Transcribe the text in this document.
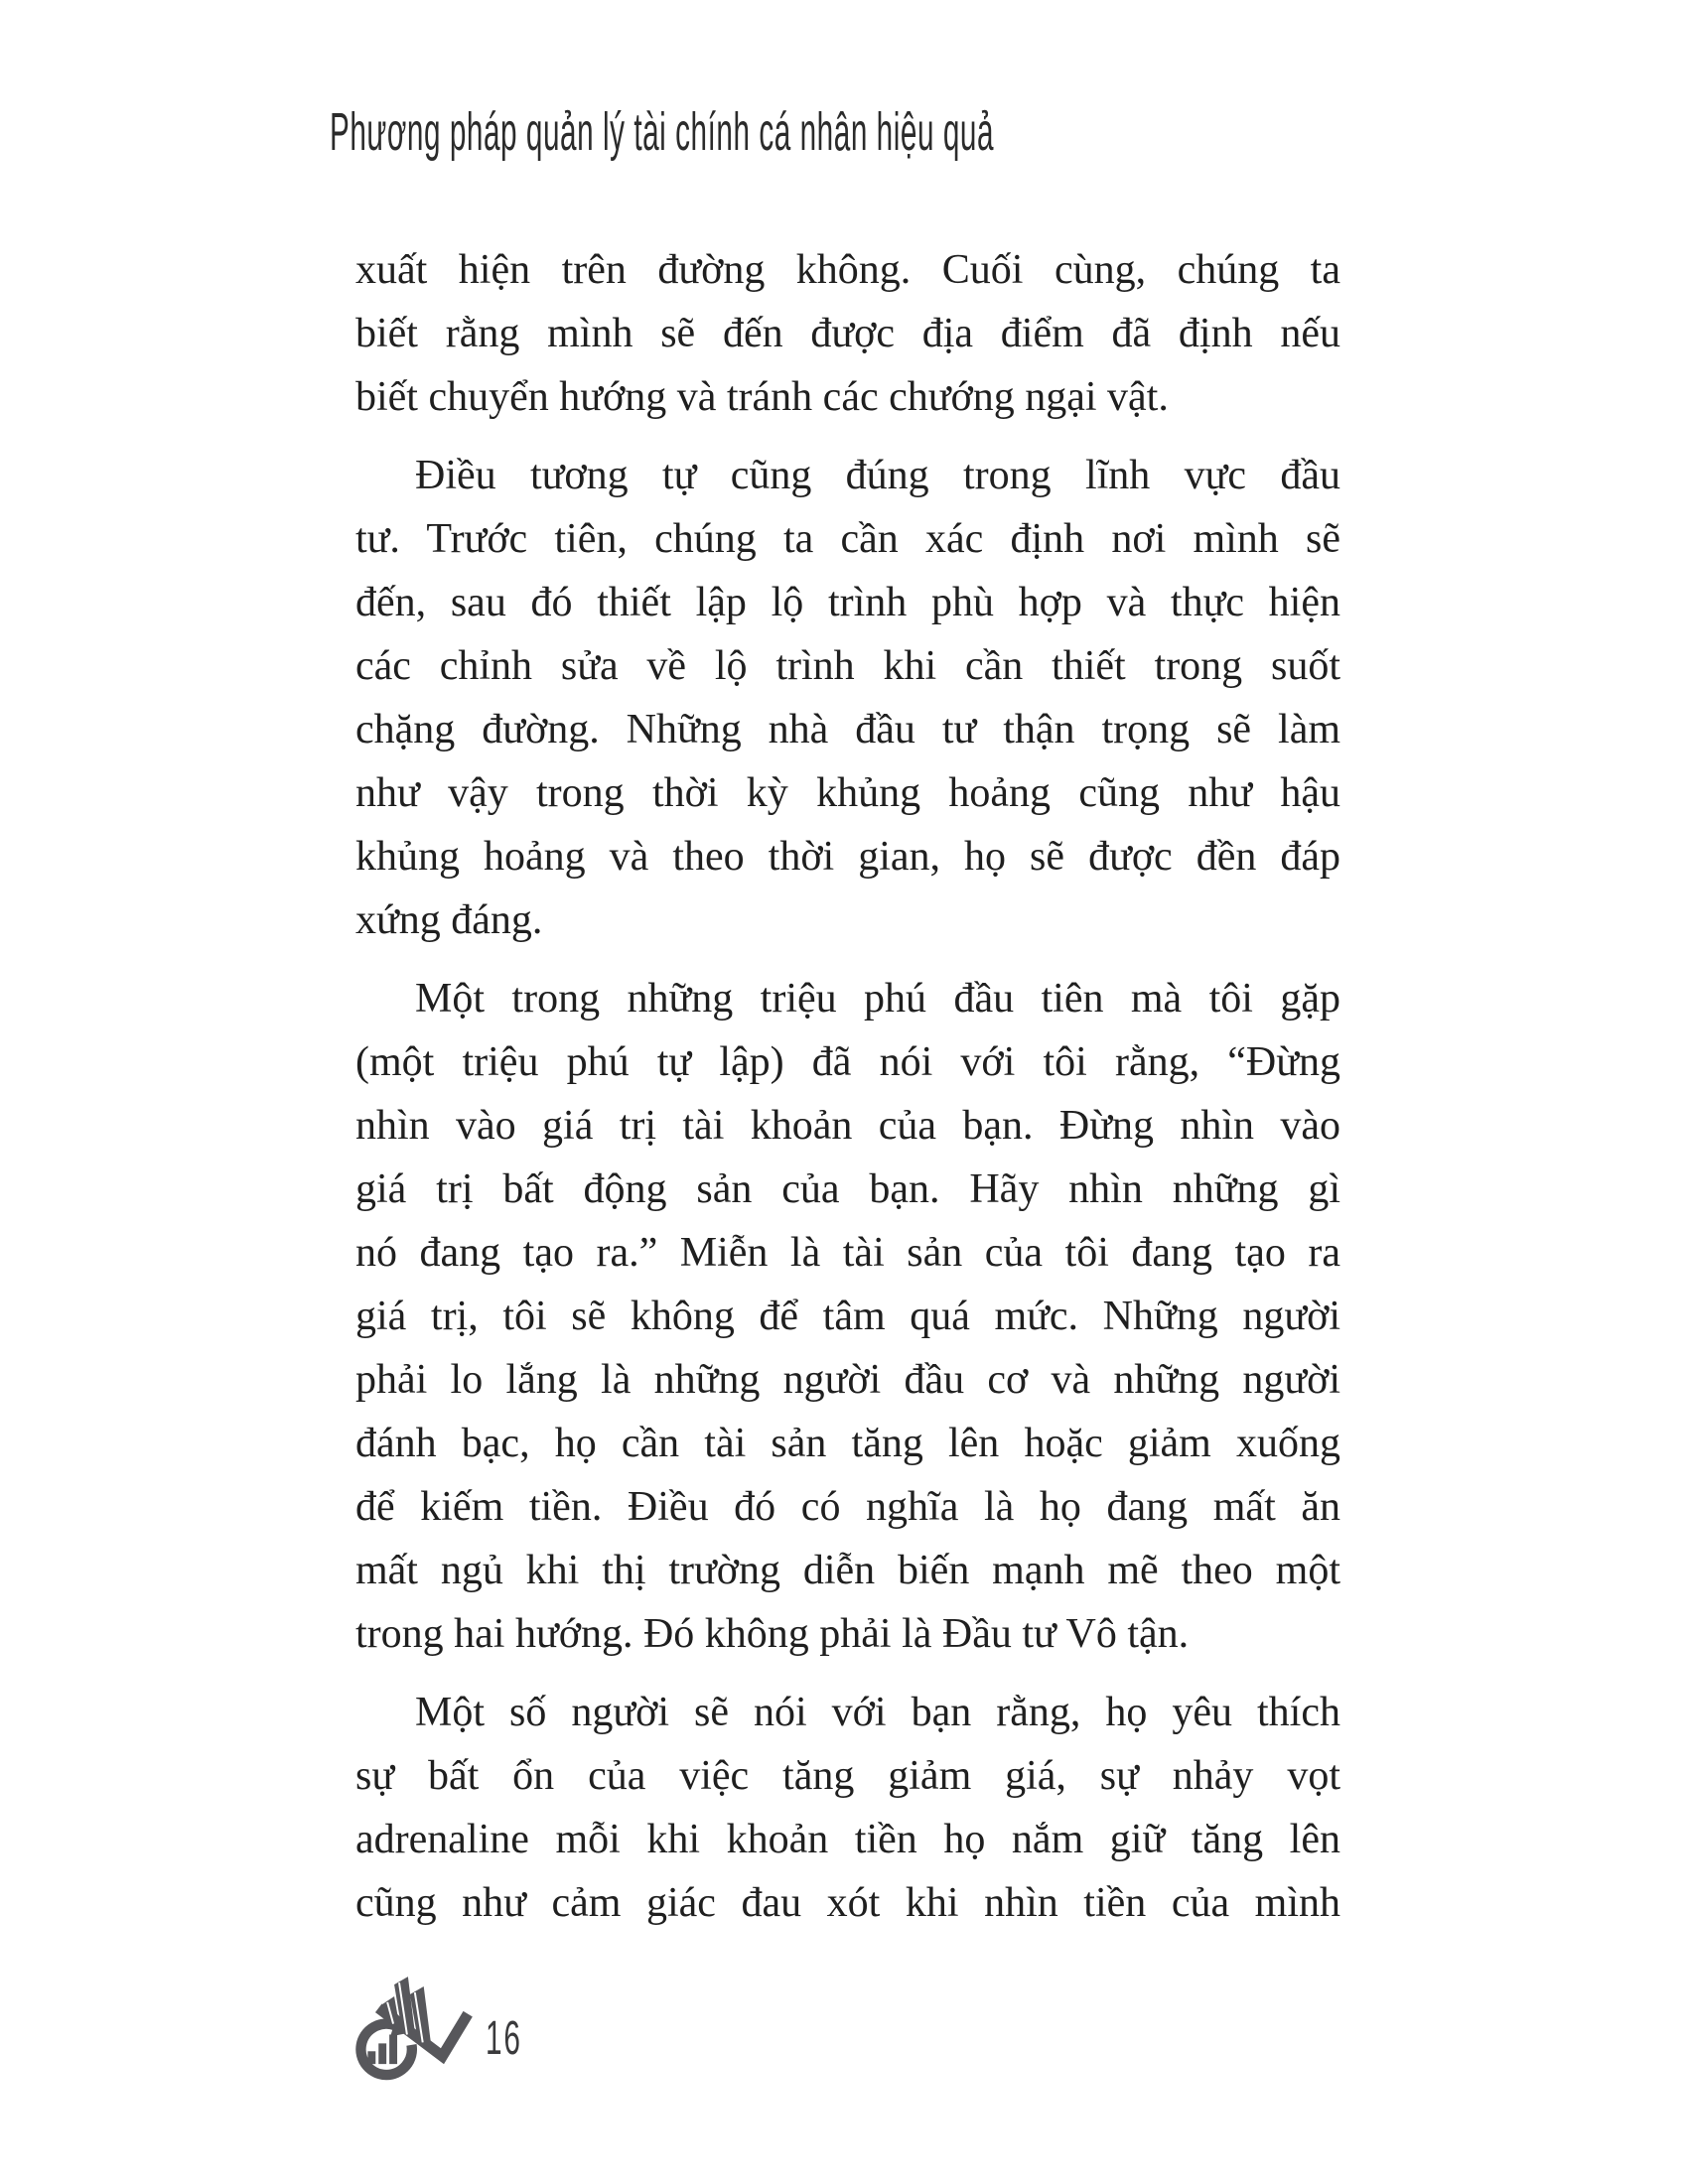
Phương pháp quản lý tài chính cá nhân hiệu quả

xuất hiện trên đường không. Cuối cùng, chúng ta
biết rằng mình sẽ đến được địa điểm đã định nếu
biết chuyển hướng và tránh các chướng ngại vật.

Điều tương tự cũng đúng trong lĩnh vực đầu
tư. Trước tiên, chúng ta cần xác định nơi mình sẽ
đến, sau đó thiết lập lộ trình phù hợp và thực hiện
các chỉnh sửa về lộ trình khi cần thiết trong suốt
chặng đường. Những nhà đầu tư thận trọng sẽ làm
như vậy trong thời kỳ khủng hoảng cũng như hậu
khủng hoảng và theo thời gian, họ sẽ được đền đáp
xứng đáng.

Một trong những triệu phú đầu tiên mà tôi gặp
(một triệu phú tự lập) đã nói với tôi rằng, “Đừng
nhìn vào giá trị tài khoản của bạn. Đừng nhìn vào
giá trị bất động sản của bạn. Hãy nhìn những gì
nó đang tạo ra.” Miễn là tài sản của tôi đang tạo ra
giá trị, tôi sẽ không để tâm quá mức. Những người
phải lo lắng là những người đầu cơ và những người
đánh bạc, họ cần tài sản tăng lên hoặc giảm xuống
để kiếm tiền. Điều đó có nghĩa là họ đang mất ăn
mất ngủ khi thị trường diễn biến mạnh mẽ theo một
trong hai hướng. Đó không phải là Đầu tư Vô tận.

Một số người sẽ nói với bạn rằng, họ yêu thích
sự bất ổn của việc tăng giảm giá, sự nhảy vọt
adrenaline mỗi khi khoản tiền họ nắm giữ tăng lên
cũng như cảm giác đau xót khi nhìn tiền của mình

16
